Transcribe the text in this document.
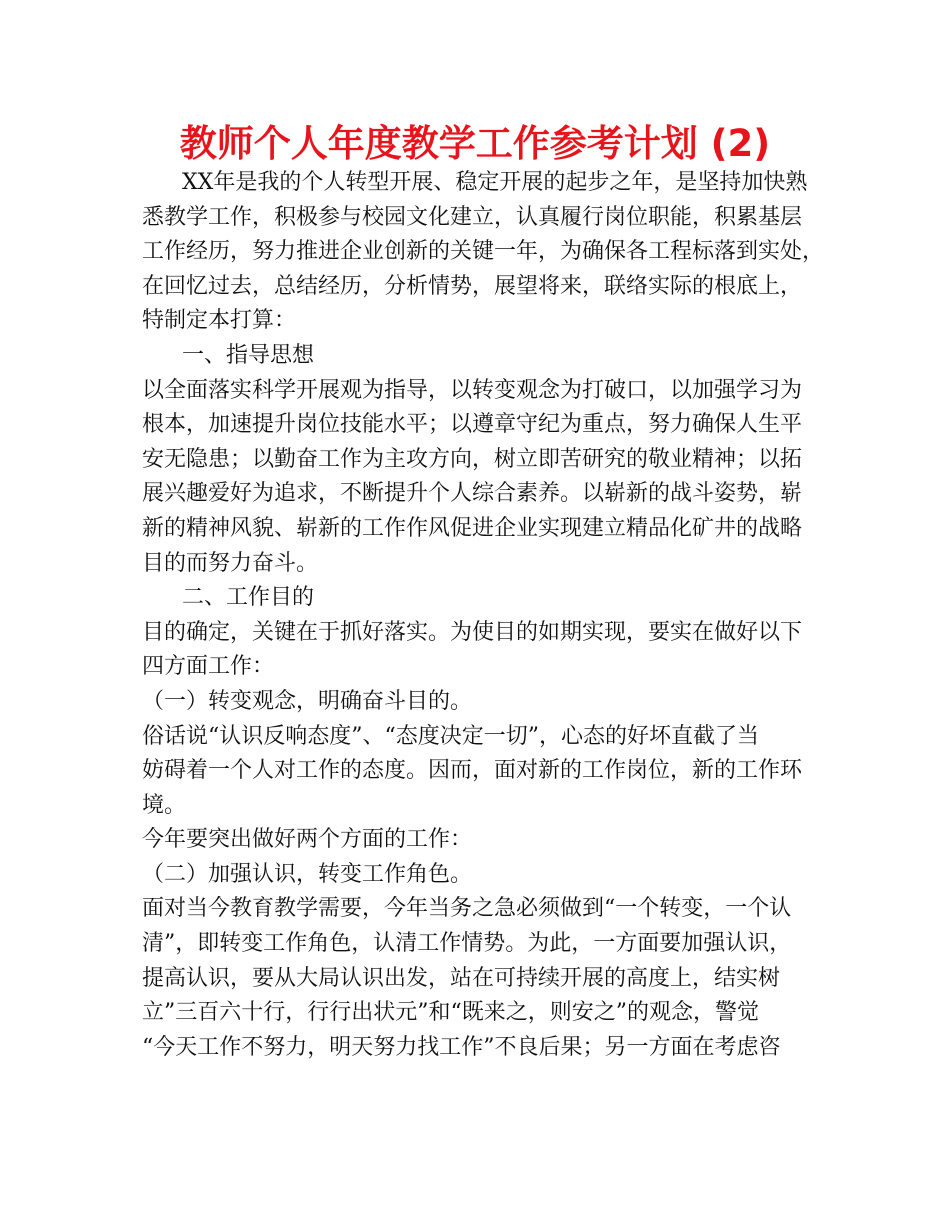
教师个人年度教学工作参考计划 (2)
XX年是我的个人转型开展、稳定开展的起步之年，是坚持加快熟
悉教学工作，积极参与校园文化建立，认真履行岗位职能，积累基层
工作经历，努力推进企业创新的关键一年，为确保各工程标落到实处，
在回忆过去，总结经历，分析情势，展望将来，联络实际的根底上，
特制定本打算：
一、指导思想
以全面落实科学开展观为指导，以转变观念为打破口，以加强学习为
根本，加速提升岗位技能水平；以遵章守纪为重点，努力确保人生平
安无隐患；以勤奋工作为主攻方向，树立即苦研究的敬业精神；以拓
展兴趣爱好为追求，不断提升个人综合素养。以崭新的战斗姿势，崭
新的精神风貌、崭新的工作作风促进企业实现建立精品化矿井的战略
目的而努力奋斗。
二、工作目的
目的确定，关键在于抓好落实。为使目的如期实现，要实在做好以下
四方面工作：
（一）转变观念，明确奋斗目的。
俗话说“认识反响态度”、“态度决定一切”，心态的好坏直截了当
妨碍着一个人对工作的态度。因而，面对新的工作岗位，新的工作环
境。
今年要突出做好两个方面的工作：
（二）加强认识，转变工作角色。
面对当今教育教学需要，今年当务之急必须做到“一个转变，一个认
清”，即转变工作角色，认清工作情势。为此，一方面要加强认识，
提高认识，要从大局认识出发，站在可持续开展的高度上，结实树
立”三百六十行，行行出状元”和“既来之，则安之”的观念，警觉
“今天工作不努力，明天努力找工作”不良后果；另一方面在考虑咨
